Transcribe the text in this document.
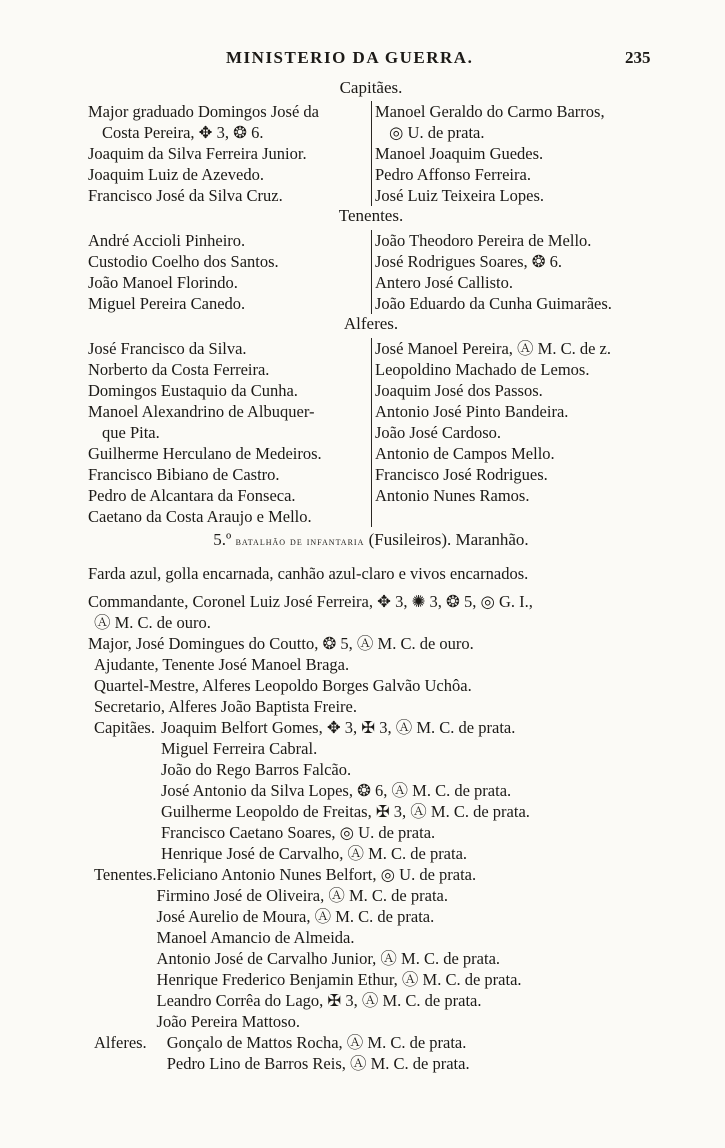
MINISTERIO DA GUERRA.	235
Capitães.
Major graduado Domingos José da
Costa Pereira, ✥ 3, ❂ 6.
Joaquim da Silva Ferreira Junior.
Joaquim Luiz de Azevedo.
Francisco José da Silva Cruz.
Manoel Geraldo do Carmo Barros,
◎ U. de prata.
Manoel Joaquim Guedes.
Pedro Affonso Ferreira.
José Luiz Teixeira Lopes.
Tenentes.
André Accioli Pinheiro.
Custodio Coelho dos Santos.
João Manoel Florindo.
Miguel Pereira Canedo.
João Theodoro Pereira de Mello.
José Rodrigues Soares, ❂ 6.
Antero José Callisto.
João Eduardo da Cunha Guimarães.
Alferes.
José Francisco da Silva.
Norberto da Costa Ferreira.
Domingos Eustaquio da Cunha.
Manoel Alexandrino de Albuquer-
que Pita.
Guilherme Herculano de Medeiros.
Francisco Bibiano de Castro.
Pedro de Alcantara da Fonseca.
Caetano da Costa Araujo e Mello.
José Manoel Pereira, Ⓐ M. C. de z.
Leopoldino Machado de Lemos.
Joaquim José dos Passos.
Antonio José Pinto Bandeira.
João José Cardoso.
Antonio de Campos Mello.
Francisco José Rodrigues.
Antonio Nunes Ramos.
5.º batalhão de infantaria (Fusileiros). Maranhão.
Farda azul, golla encarnada, canhão azul-claro e vivos encarnados.
Commandante, Coronel Luiz José Ferreira, ✥ 3, ✺ 3, ❂ 5, ◎ G. I.,
Ⓐ M. C. de ouro.
Major, José Domingues do Coutto, ❂ 5, Ⓐ M. C. de ouro.
Ajudante, Tenente José Manoel Braga.
Quartel-Mestre, Alferes Leopoldo Borges Galvão Uchôa.
Secretario, Alferes João Baptista Freire.
Capitães. Joaquim Belfort Gomes, ✥ 3, ✠ 3, Ⓐ M. C. de prata.
Miguel Ferreira Cabral.
João do Rego Barros Falcão.
José Antonio da Silva Lopes, ❂ 6, Ⓐ M. C. de prata.
Guilherme Leopoldo de Freitas, ✠ 3, Ⓐ M. C. de prata.
Francisco Caetano Soares, ◎ U. de prata.
Henrique José de Carvalho, Ⓐ M. C. de prata.
Tenentes. Feliciano Antonio Nunes Belfort, ◎ U. de prata.
Firmino José de Oliveira, Ⓐ M. C. de prata.
José Aurelio de Moura, Ⓐ M. C. de prata.
Manoel Amancio de Almeida.
Antonio José de Carvalho Junior, Ⓐ M. C. de prata.
Henrique Frederico Benjamin Ethur, Ⓐ M. C. de prata.
Leandro Corrêa do Lago, ✠ 3, Ⓐ M. C. de prata.
João Pereira Mattoso.
Alferes. Gonçalo de Mattos Rocha, Ⓐ M. C. de prata.
Pedro Lino de Barros Reis, Ⓐ M. C. de prata.
